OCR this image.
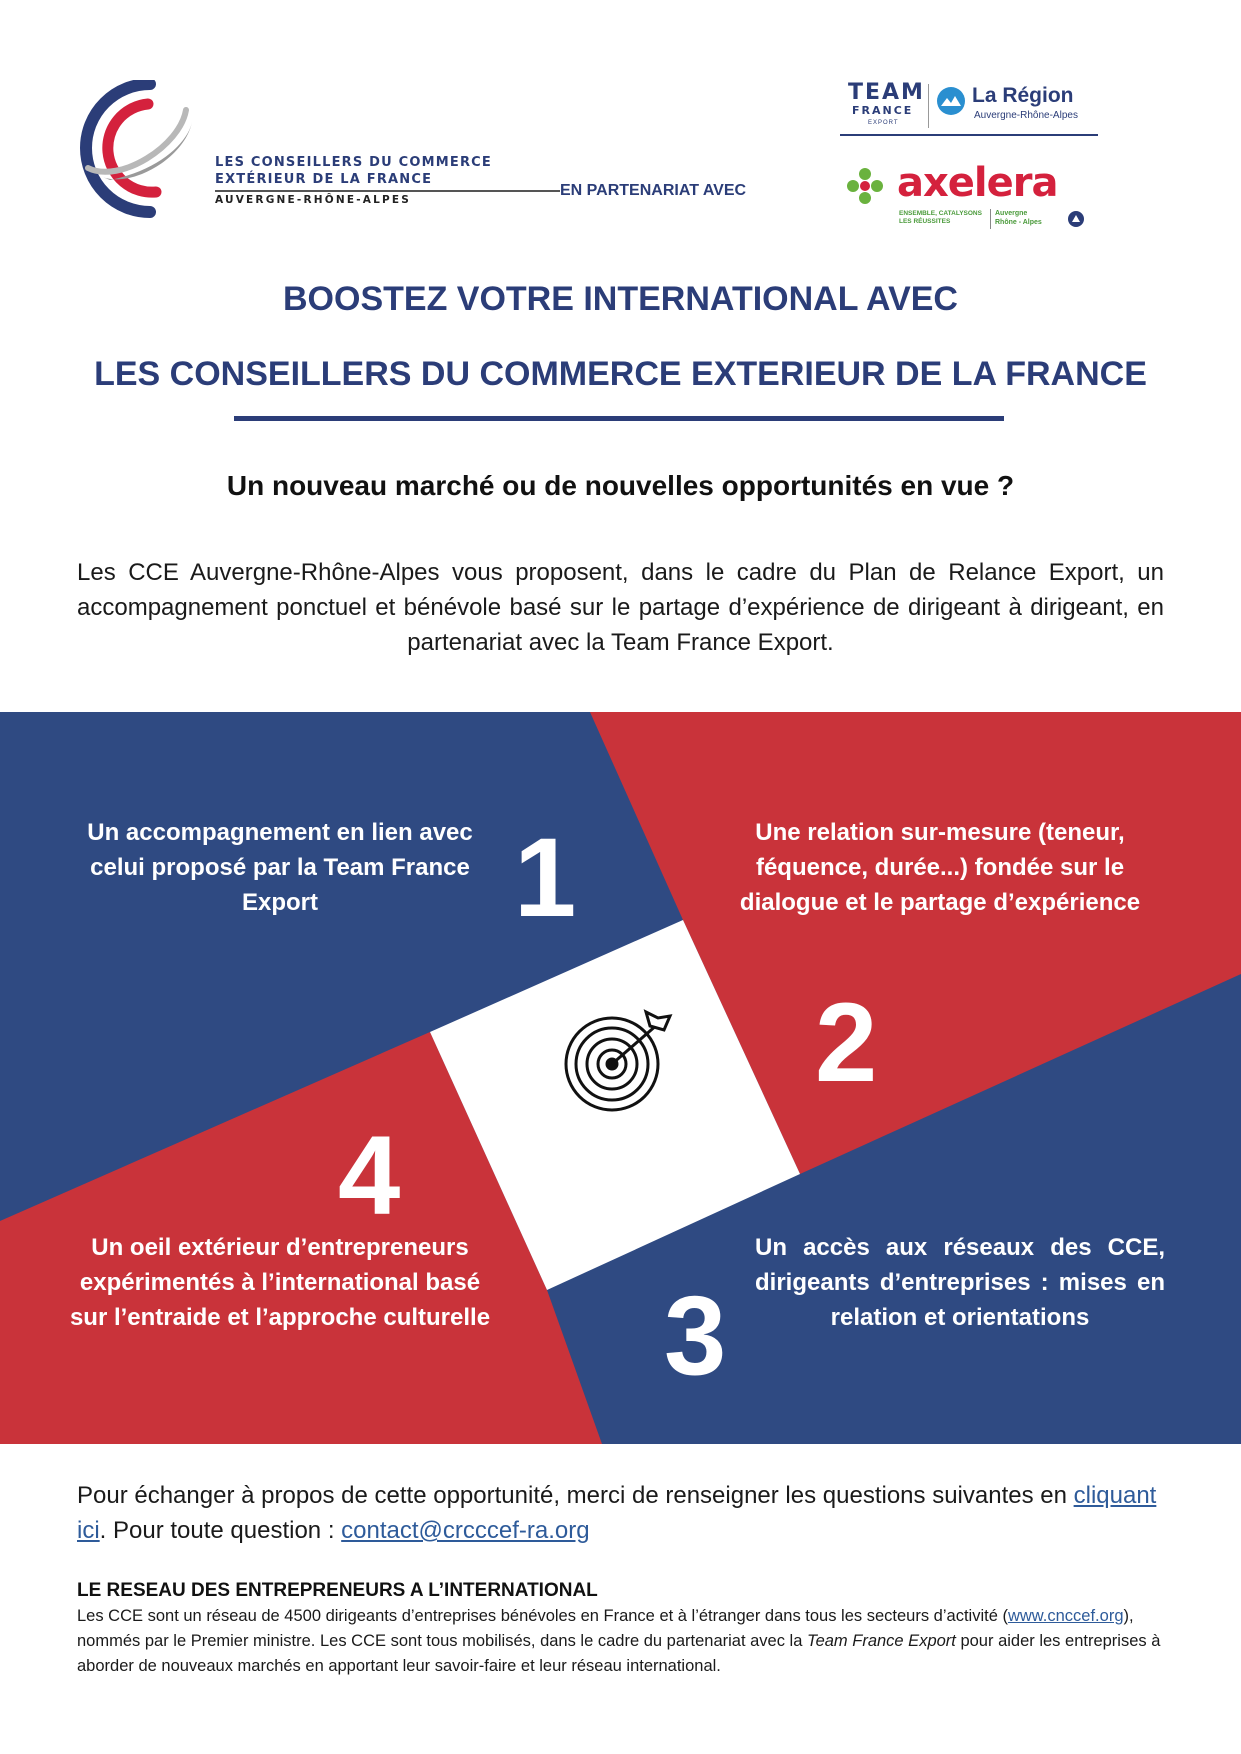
LES CONSEILLERS DU COMMERCE
EXTÉRIEUR DE LA FRANCE
AUVERGNE-RHÔNE-ALPES
EN PARTENARIAT AVEC
TEAM
FRANCE
EXPORT
La Région
Auvergne-Rhône-Alpes
axelera
ENSEMBLE, CATALYSONS
LES RÉUSSITES
Auvergne
Rhône - Alpes
BOOSTEZ VOTRE INTERNATIONAL AVEC
LES CONSEILLERS DU COMMERCE EXTERIEUR DE LA FRANCE
Un nouveau marché ou de nouvelles opportunités en vue ?
Les CCE Auvergne-Rhône-Alpes vous proposent, dans le cadre du Plan de Relance Export, un accompagnement ponctuel et bénévole basé sur le partage d’expérience de dirigeant à dirigeant, en partenariat avec la Team France Export.
Un accompagnement en lien avec celui proposé par la Team France Export	1	Une relation sur-mesure (teneur, féquence, durée...) fondée sur le dialogue et le partage d’expérience
2
Un accès aux réseaux des CCE, dirigeants d’entreprises : mises en relation et orientations
3
Un oeil extérieur d’entrepreneurs expérimentés à l’international basé sur l’entraide et l’approche culturelle
4
Pour échanger à propos de cette opportunité, merci de renseigner les questions suivantes en cliquant ici. Pour toute question : contact@crcccef-ra.org
LE RESEAU DES ENTREPRENEURS A L’INTERNATIONAL
Les CCE sont un réseau de 4500 dirigeants d’entreprises bénévoles en France et à l’étranger dans tous les secteurs d’activité (www.cnccef.org), nommés par le Premier ministre. Les CCE sont tous mobilisés, dans le cadre du partenariat avec la Team France Export pour aider les entreprises à aborder de nouveaux marchés en apportant leur savoir-faire et leur réseau international.
